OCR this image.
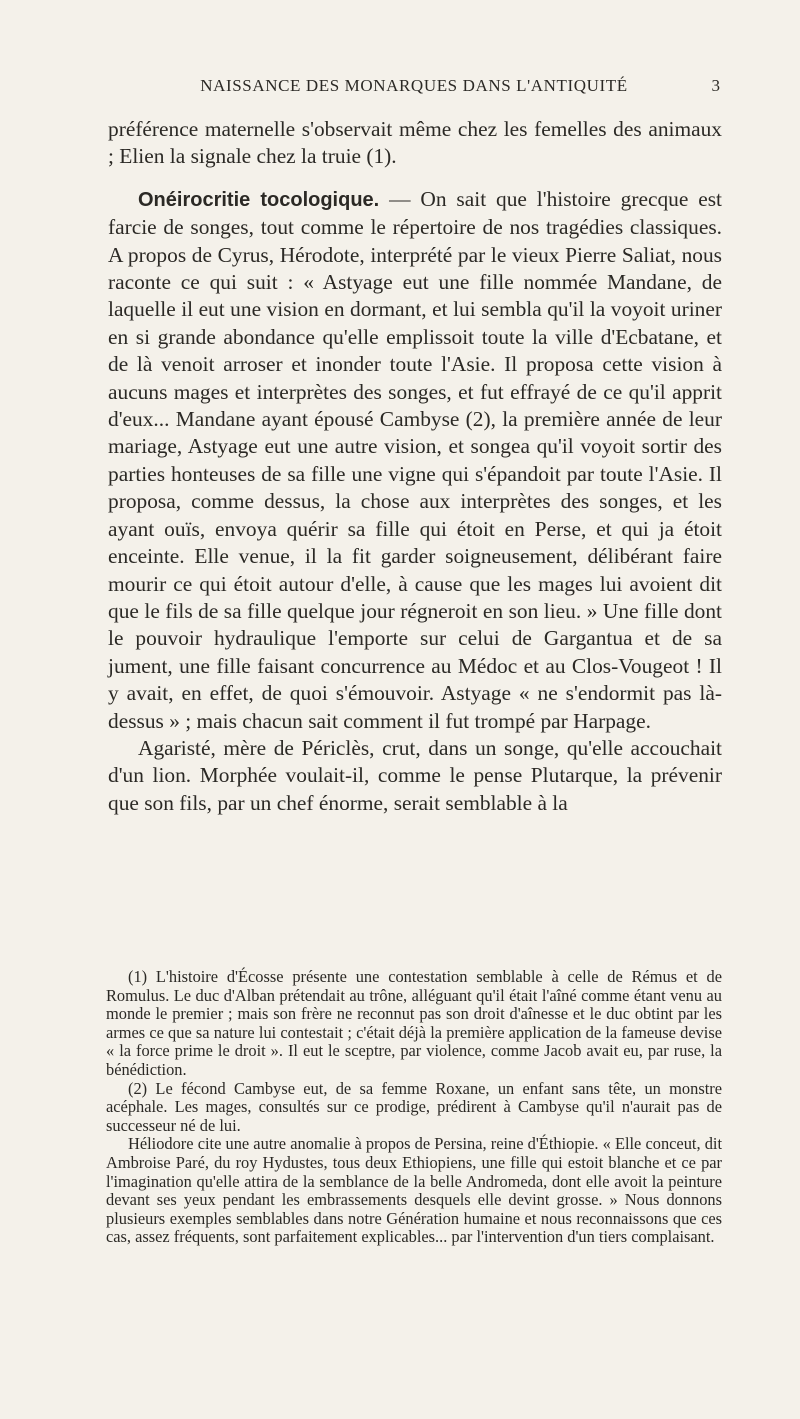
NAISSANCE DES MONARQUES DANS L'ANTIQUITÉ	3

préférence maternelle s'observait même chez les femelles des animaux ; Elien la signale chez la truie (1).

Onéirocritie tocologique. — On sait que l'histoire grecque est farcie de songes, tout comme le répertoire de nos tragédies classiques. A propos de Cyrus, Hérodote, interprété par le vieux Pierre Saliat, nous raconte ce qui suit : « Astyage eut une fille nommée Mandane, de laquelle il eut une vision en dormant, et lui sembla qu'il la voyoit uriner en si grande abondance qu'elle emplissoit toute la ville d'Ecbatane, et de là venoit arroser et inonder toute l'Asie. Il proposa cette vision à aucuns mages et interprètes des songes, et fut effrayé de ce qu'il apprit d'eux... Mandane ayant épousé Cambyse (2), la première année de leur mariage, Astyage eut une autre vision, et songea qu'il voyoit sortir des parties honteuses de sa fille une vigne qui s'épandoit par toute l'Asie. Il proposa, comme dessus, la chose aux interprètes des songes, et les ayant ouïs, envoya quérir sa fille qui étoit en Perse, et qui ja étoit enceinte. Elle venue, il la fit garder soigneusement, délibérant faire mourir ce qui étoit autour d'elle, à cause que les mages lui avoient dit que le fils de sa fille quelque jour régneroit en son lieu. » Une fille dont le pouvoir hydraulique l'emporte sur celui de Gargantua et de sa jument, une fille faisant concurrence au Médoc et au Clos-Vougeot ! Il y avait, en effet, de quoi s'émouvoir. Astyage « ne s'endormit pas là-dessus » ; mais chacun sait comment il fut trompé par Harpage.

Agaristé, mère de Périclès, crut, dans un songe, qu'elle accouchait d'un lion. Morphée voulait-il, comme le pense Plutarque, la prévenir que son fils, par un chef énorme, serait semblable à la

(1) L'histoire d'Écosse présente une contestation semblable à celle de Rémus et de Romulus. Le duc d'Alban prétendait au trône, alléguant qu'il était l'aîné comme étant venu au monde le premier ; mais son frère ne reconnut pas son droit d'aînesse et le duc obtint par les armes ce que sa nature lui contestait ; c'était déjà la première application de la fameuse devise « la force prime le droit ». Il eut le sceptre, par violence, comme Jacob avait eu, par ruse, la bénédiction.

(2) Le fécond Cambyse eut, de sa femme Roxane, un enfant sans tête, un monstre acéphale. Les mages, consultés sur ce prodige, prédirent à Cambyse qu'il n'aurait pas de successeur né de lui.

Héliodore cite une autre anomalie à propos de Persina, reine d'Éthiopie. « Elle conceut, dit Ambroise Paré, du roy Hydustes, tous deux Ethiopiens, une fille qui estoit blanche et ce par l'imagination qu'elle attira de la semblance de la belle Andromeda, dont elle avoit la peinture devant ses yeux pendant les embrassements desquels elle devint grosse. » Nous donnons plusieurs exemples semblables dans notre Génération humaine et nous reconnaissons que ces cas, assez fréquents, sont parfaitement explicables... par l'intervention d'un tiers complaisant.
